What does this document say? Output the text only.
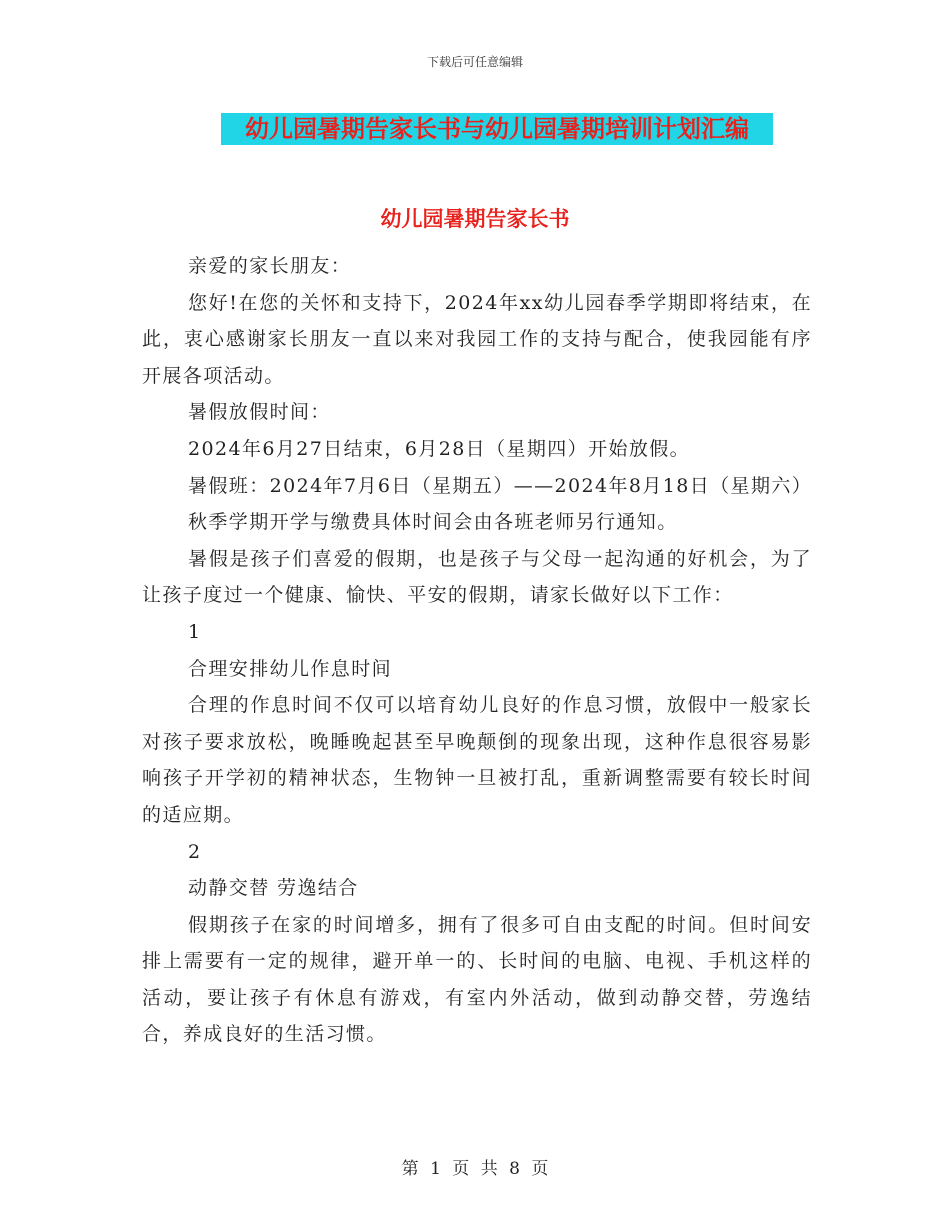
下载后可任意编辑
幼儿园暑期告家长书与幼儿园暑期培训计划汇编
幼儿园暑期告家长书

亲爱的家长朋友：

您好!在您的关怀和支持下，2024年xx幼儿园春季学期即将结束，在此，衷心感谢家长朋友一直以来对我园工作的支持与配合，使我园能有序开展各项活动。

暑假放假时间：

2024年6月27日结束，6月28日（星期四）开始放假。

暑假班：2024年7月6日（星期五）——2024年8月18日（星期六）

秋季学期开学与缴费具体时间会由各班老师另行通知。

暑假是孩子们喜爱的假期，也是孩子与父母一起沟通的好机会，为了让孩子度过一个健康、愉快、平安的假期，请家长做好以下工作：

1

合理安排幼儿作息时间

合理的作息时间不仅可以培育幼儿良好的作息习惯，放假中一般家长对孩子要求放松，晚睡晚起甚至早晚颠倒的现象出现，这种作息很容易影响孩子开学初的精神状态，生物钟一旦被打乱，重新调整需要有较长时间的适应期。

2

动静交替 劳逸结合

假期孩子在家的时间增多，拥有了很多可自由支配的时间。但时间安排上需要有一定的规律，避开单一的、长时间的电脑、电视、手机这样的活动，要让孩子有休息有游戏，有室内外活动，做到动静交替，劳逸结合，养成良好的生活习惯。

第 1 页 共 8 页
